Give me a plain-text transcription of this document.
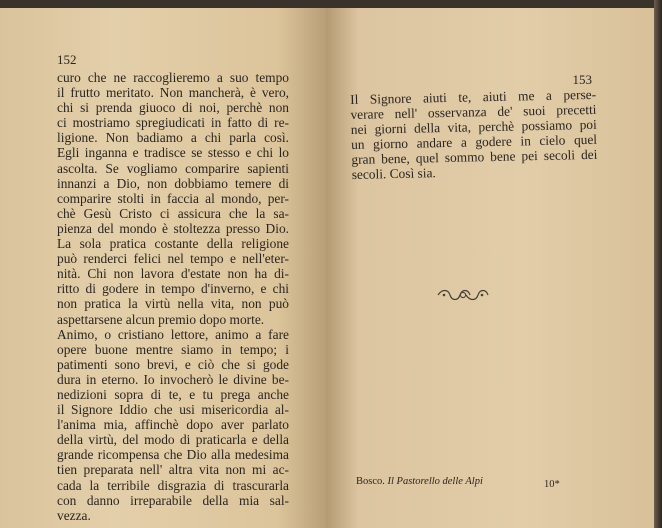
152
curo che ne raccoglieremo a suo tempo
il frutto meritato. Non mancherà, è vero,
chi si prenda giuoco di noi, perchè non
ci mostriamo spregiudicati in fatto di re-
ligione. Non badiamo a chi parla così.
Egli inganna e tradisce se stesso e chi lo
ascolta. Se vogliamo comparire sapienti
innanzi a Dio, non dobbiamo temere di
comparire stolti in faccia al mondo, per-
chè Gesù Cristo ci assicura che la sa-
pienza del mondo è stoltezza presso Dio.
La sola pratica costante della religione
può renderci felici nel tempo e nell'eter-
nità. Chi non lavora d'estate non ha di-
ritto di godere in tempo d'inverno, e chi
non pratica la virtù nella vita, non può
aspettarsene alcun premio dopo morte.
Animo, o cristiano lettore, animo a fare
opere buone mentre siamo in tempo; i
patimenti sono brevi, e ciò che si gode
dura in eterno. Io invocherò le divine be-
nedizioni sopra di te, e tu prega anche
il Signore Iddio che usi misericordia al-
l'anima mia, affinchè dopo aver parlato
della virtù, del modo di praticarla e della
grande ricompensa che Dio alla medesima
tien preparata nell' altra vita non mi ac-
cada la terribile disgrazia di trascurarla
con danno irreparabile della mia sal-
vezza.
153
Il Signore aiuti te, aiuti me a perse-
verare nell' osservanza de' suoi precetti
nei giorni della vita, perchè possiamo poi
un giorno andare a godere in cielo quel
gran bene, quel sommo bene pei secoli dei
secoli. Così sia.
Bosco. Il Pastorello delle Alpi	10*
